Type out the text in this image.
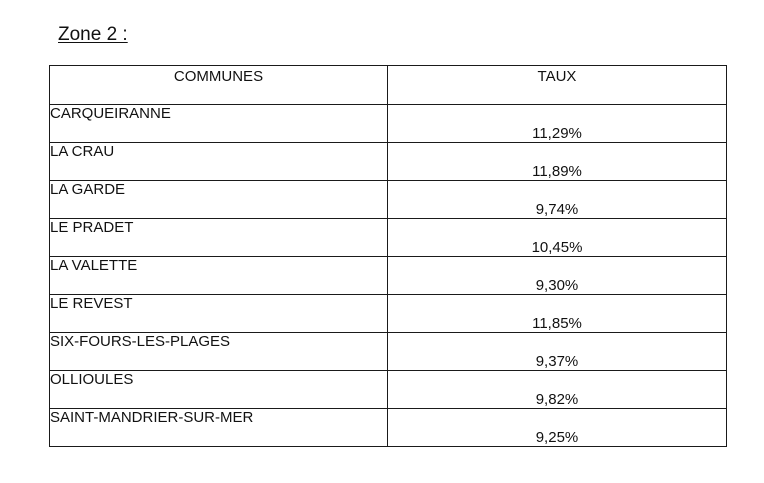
Zone 2 :
COMMUNES	TAUX
CARQUEIRANNE	11,29%
LA CRAU	11,89%
LA GARDE	9,74%
LE PRADET	10,45%
LA VALETTE	9,30%
LE REVEST	11,85%
SIX-FOURS-LES-PLAGES	9,37%
OLLIOULES	9,82%
SAINT-MANDRIER-SUR-MER	9,25%
